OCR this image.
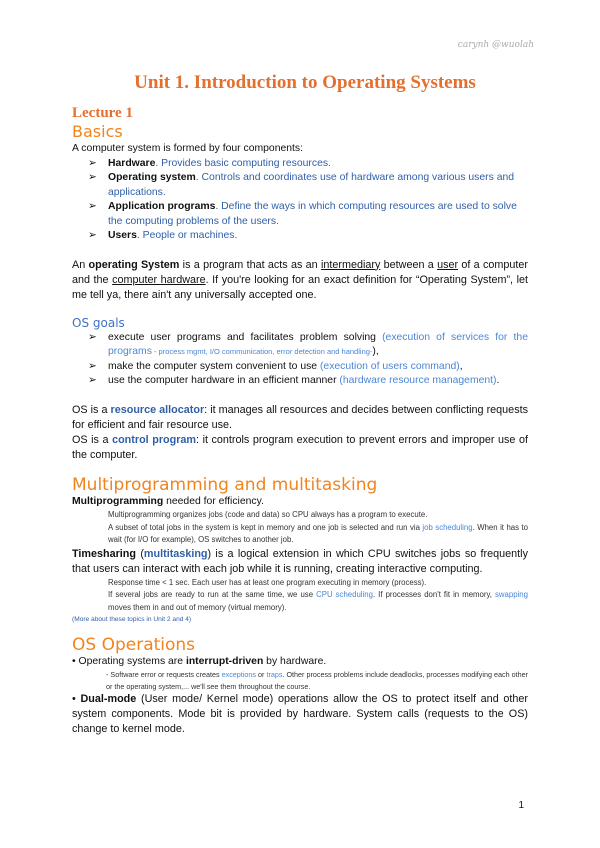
carynh @wuolah
Unit 1. Introduction to Operating Systems
Lecture 1
Basics

A computer system is formed by four components:

➢ Hardware. Provides basic computing resources.
➢ Operating system. Controls and coordinates use of hardware among various users and applications.
➢ Application programs. Define the ways in which computing resources are used to solve the computing problems of the users.
➢ Users. People or machines.

An operating System is a program that acts as an intermediary between a user of a computer and the computer hardware. If you're looking for an exact definition for “Operating System”, let me tell ya, there ain't any universally accepted one.

OS goals
➢ execute user programs and facilitates problem solving (execution of services for the programs - process mgmt, I/O communication, error detection and handling-),
➢ make the computer system convenient to use (execution of users command),
➢ use the computer hardware in an efficient manner (hardware resource management).

OS is a resource allocator: it manages all resources and decides between conflicting requests for efficient and fair resource use.

OS is a control program: it controls program execution to prevent errors and improper use of the computer.

Multiprogramming and multitasking

Multiprogramming needed for efficiency.

Multiprogramming organizes jobs (code and data) so CPU always has a program to execute.
A subset of total jobs in the system is kept in memory and one job is selected and run via job scheduling. When it has to wait (for I/O for example), OS switches to another job.

Timesharing (multitasking) is a logical extension in which CPU switches jobs so frequently that users can interact with each job while it is running, creating interactive computing.

Response time < 1 sec. Each user has at least one program executing in memory (process).
If several jobs are ready to run at the same time, we use CPU scheduling. If processes don't fit in memory, swapping moves them in and out of memory (virtual memory).
(More about these topics in Unit 2 and 4)
OS Operations

• Operating systems are interrupt-driven by hardware.

- Software error or requests creates exceptions or traps. Other process problems include deadlocks, processes modifying each other or the operating system,... we'll see them throughout the course.

• Dual-mode (User mode/ Kernel mode) operations allow the OS to protect itself and other system components. Mode bit is provided by hardware. System calls (requests to the OS) change to kernel mode.

1
